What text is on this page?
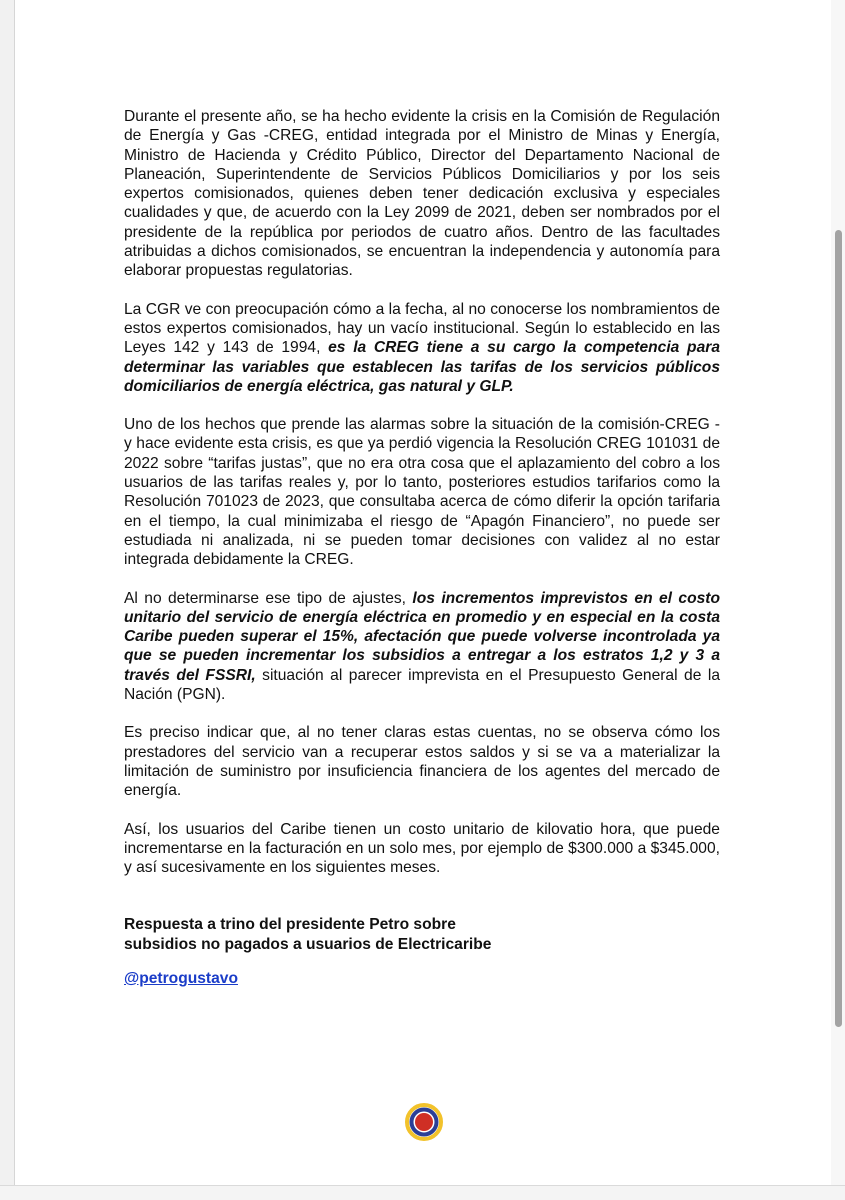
Durante el presente año, se ha hecho evidente la crisis en la Comisión de Regulación de Energía y Gas -CREG, entidad integrada por el Ministro de Minas y Energía, Ministro de Hacienda y Crédito Público, Director del Departamento Nacional de Planeación, Superintendente de Servicios Públicos Domiciliarios y por los seis expertos comisionados, quienes deben tener dedicación exclusiva y especiales cualidades y que, de acuerdo con la Ley 2099 de 2021, deben ser nombrados por el presidente de la república por periodos de cuatro años. Dentro de las facultades atribuidas a dichos comisionados, se encuentran la independencia y autonomía para elaborar propuestas regulatorias.

La CGR ve con preocupación cómo a la fecha, al no conocerse los nombramientos de estos expertos comisionados, hay un vacío institucional. Según lo establecido en las Leyes 142 y 143 de 1994, es la CREG tiene a su cargo la competencia para determinar las variables que establecen las tarifas de los servicios públicos domiciliarios de energía eléctrica, gas natural y GLP.

Uno de los hechos que prende las alarmas sobre la situación de la comisión-CREG - y hace evidente esta crisis, es que ya perdió vigencia la Resolución CREG 101031 de 2022 sobre “tarifas justas”, que no era otra cosa que el aplazamiento del cobro a los usuarios de las tarifas reales y, por lo tanto, posteriores estudios tarifarios como la Resolución 701023 de 2023, que consultaba acerca de cómo diferir la opción tarifaria en el tiempo, la cual minimizaba el riesgo de “Apagón Financiero”, no puede ser estudiada ni analizada, ni se pueden tomar decisiones con validez al no estar integrada debidamente la CREG.

Al no determinarse ese tipo de ajustes, los incrementos imprevistos en el costo unitario del servicio de energía eléctrica en promedio y en especial en la costa Caribe pueden superar el 15%, afectación que puede volverse incontrolada ya que se pueden incrementar los subsidios a entregar a los estratos 1,2 y 3 a través del FSSRI, situación al parecer imprevista en el Presupuesto General de la Nación (PGN).

Es preciso indicar que, al no tener claras estas cuentas, no se observa cómo los prestadores del servicio van a recuperar estos saldos y si se va a materializar la limitación de suministro por insuficiencia financiera de los agentes del mercado de energía.

Así, los usuarios del Caribe tienen un costo unitario de kilovatio hora, que puede incrementarse en la facturación en un solo mes, por ejemplo de $300.000 a $345.000, y así sucesivamente en los siguientes meses.

Respuesta a trino del presidente Petro sobre
subsidios no pagados a usuarios de Electricaribe

@petrogustavo
